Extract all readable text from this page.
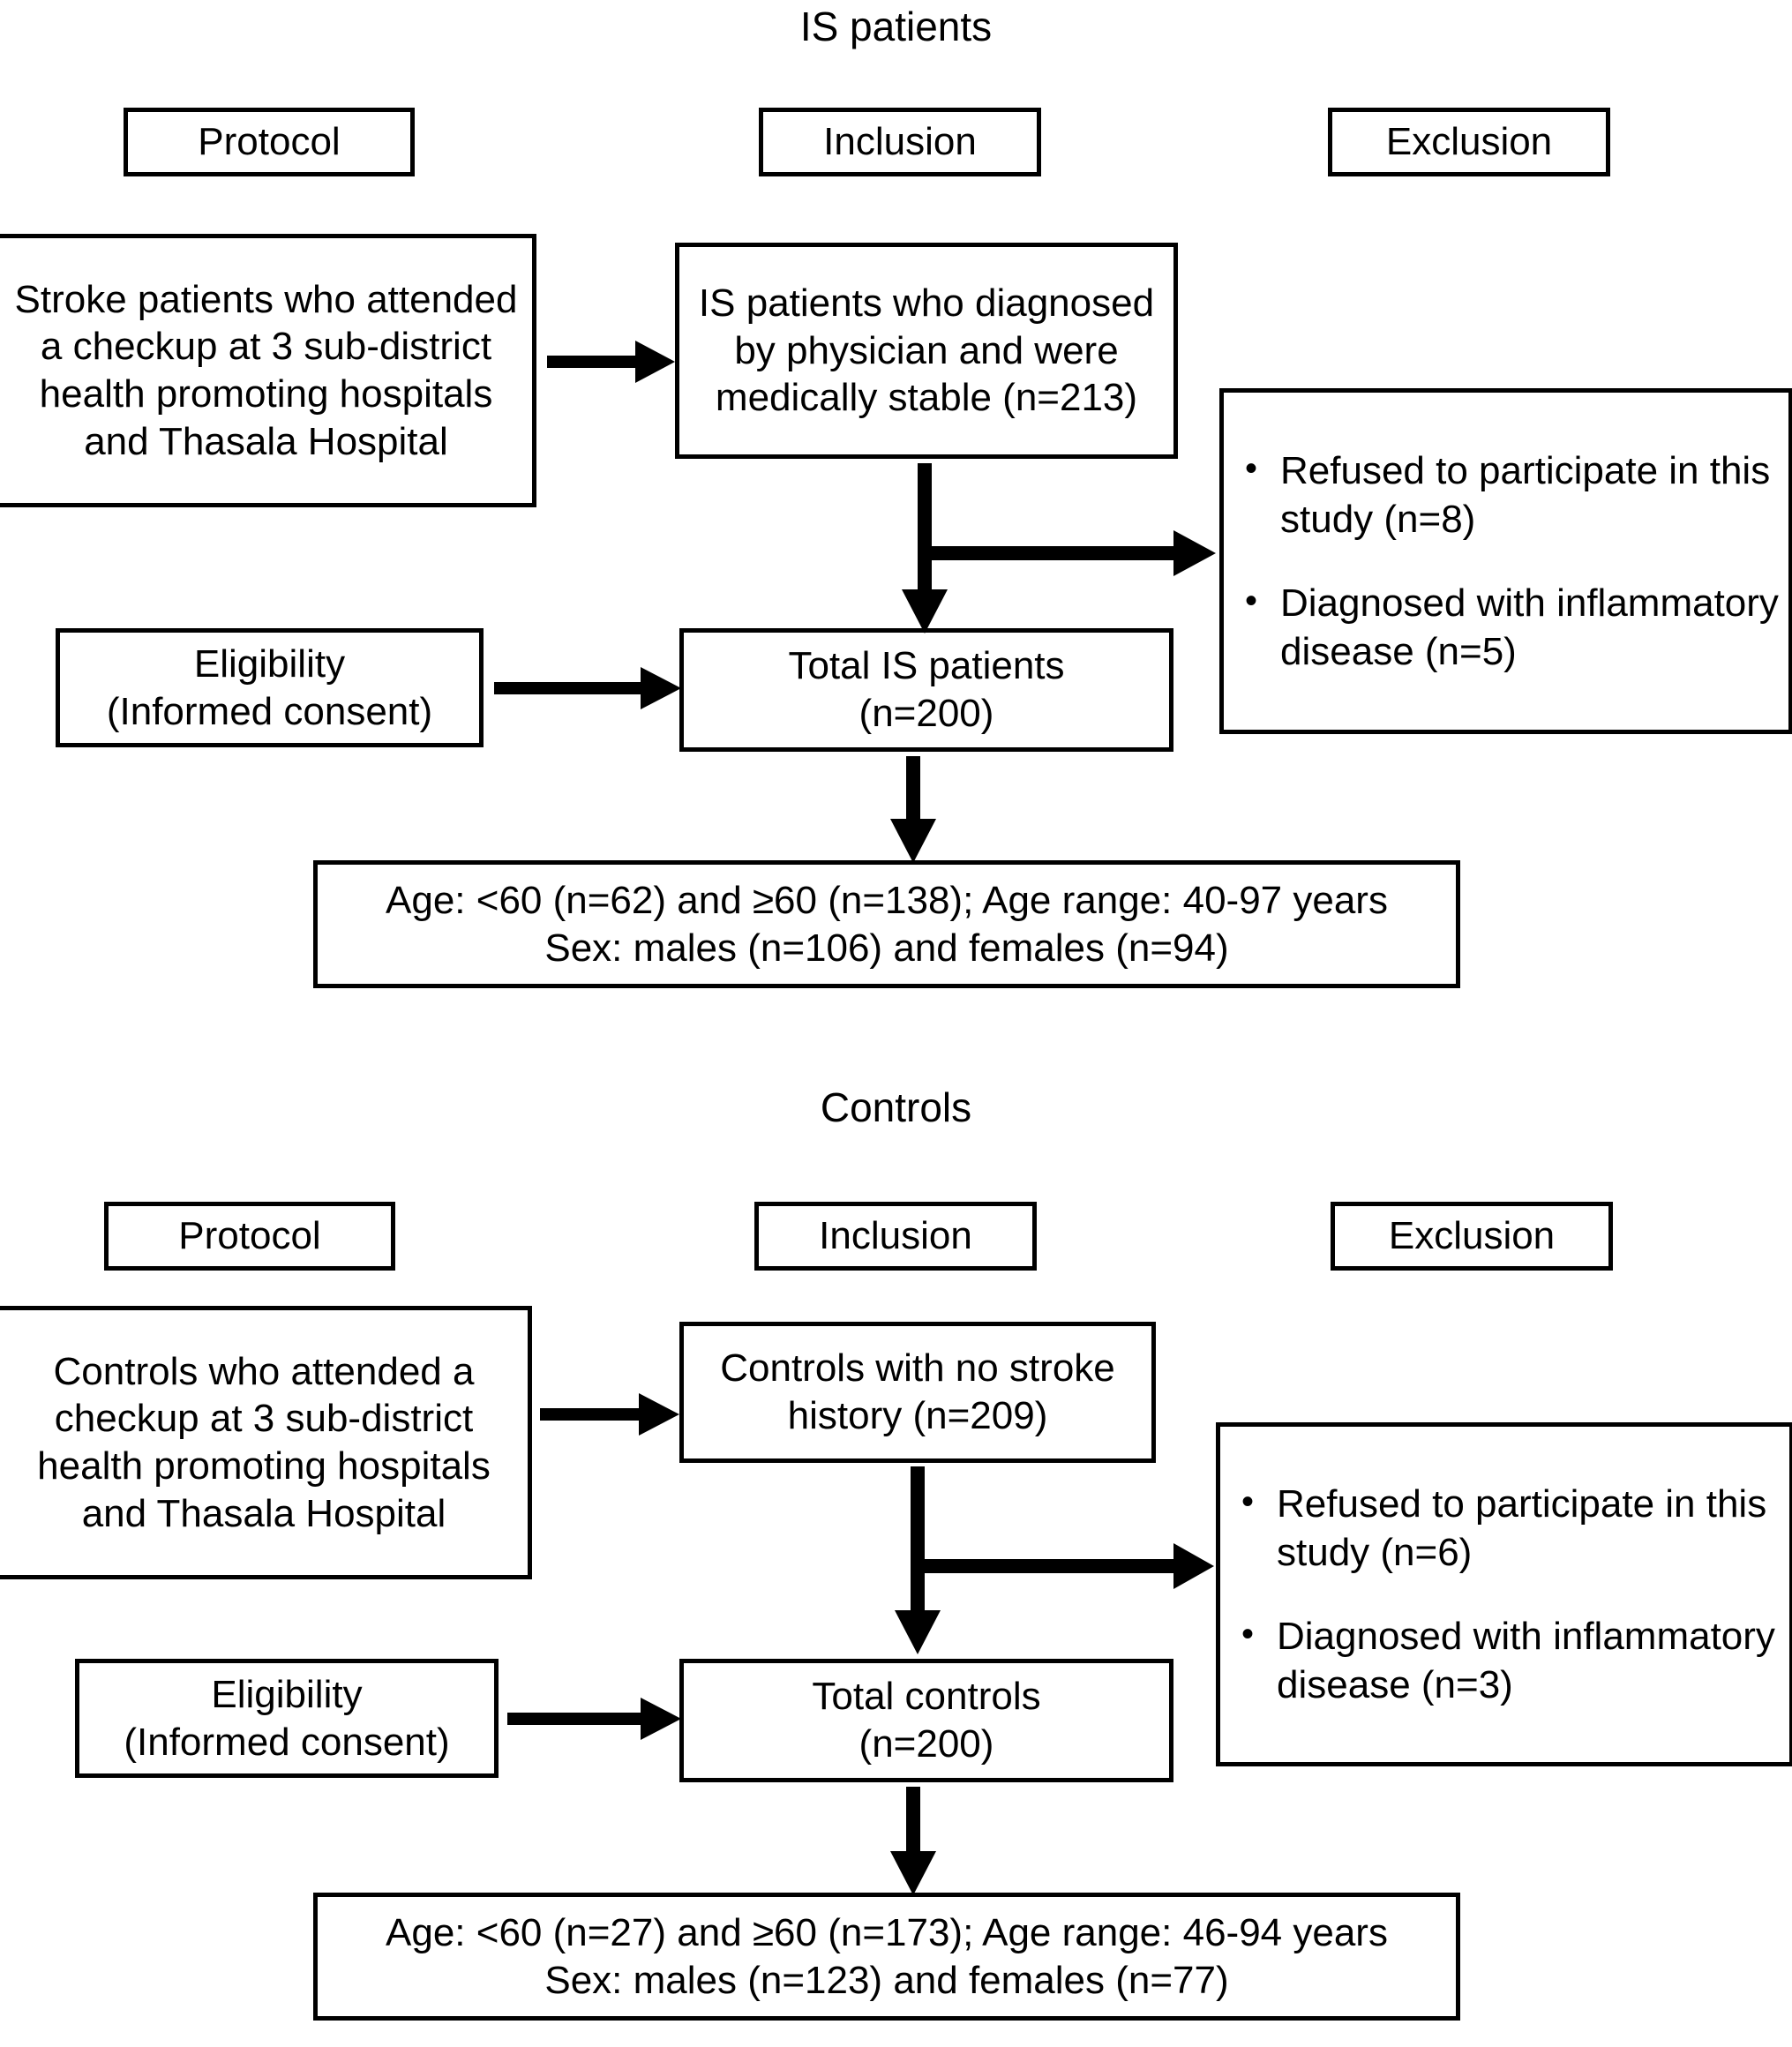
IS patients
Protocol	Inclusion	Exclusion
Stroke patients who attended a checkup at 3 sub-district health promoting hospitals and Thasala Hospital
IS patients who diagnosed by physician and were medically stable (n=213)
Eligibility
(Informed consent)
Total IS patients
(n=200)
• Refused to participate in this study (n=8)
• Diagnosed with inflammatory disease (n=5)
Age: <60 (n=62) and ≥60 (n=138); Age range: 40-97 years
Sex: males (n=106) and females (n=94)
Controls
Protocol	Inclusion	Exclusion
Controls who attended a checkup at 3 sub-district health promoting hospitals and Thasala Hospital
Controls with no stroke history (n=209)
Eligibility
(Informed consent)
Total controls
(n=200)
• Refused to participate in this study (n=6)
• Diagnosed with inflammatory disease (n=3)
Age: <60 (n=27) and ≥60 (n=173); Age range: 46-94 years
Sex: males (n=123) and females (n=77)
